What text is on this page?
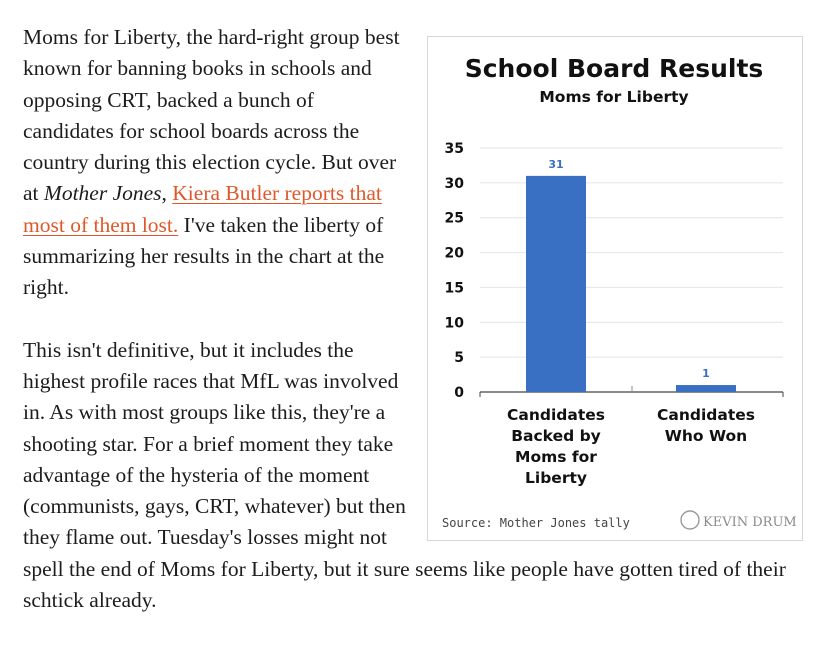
School Board Results
Moms for Liberty
0
5
10
15
20
25
30
35
31
1
Candidates
Backed by
Moms for
Liberty
Candidates
Who Won
Source: Mother Jones tally	KEVIN DRUM

Moms for Liberty, the hard-right group best known for banning books in schools and opposing CRT, backed a bunch of candidates for school boards across the country during this election cycle. But over at Mother Jones, Kiera Butler reports that most of them lost. I've taken the liberty of summarizing her results in the chart at the right.

This isn't definitive, but it includes the highest profile races that MfL was involved in. As with most groups like this, they're a shooting star. For a brief moment they take advantage of the hysteria of the moment (communists, gays, CRT, whatever) but then they flame out. Tuesday's losses might not spell the end of Moms for Liberty, but it sure seems like people have gotten tired of their schtick already.
